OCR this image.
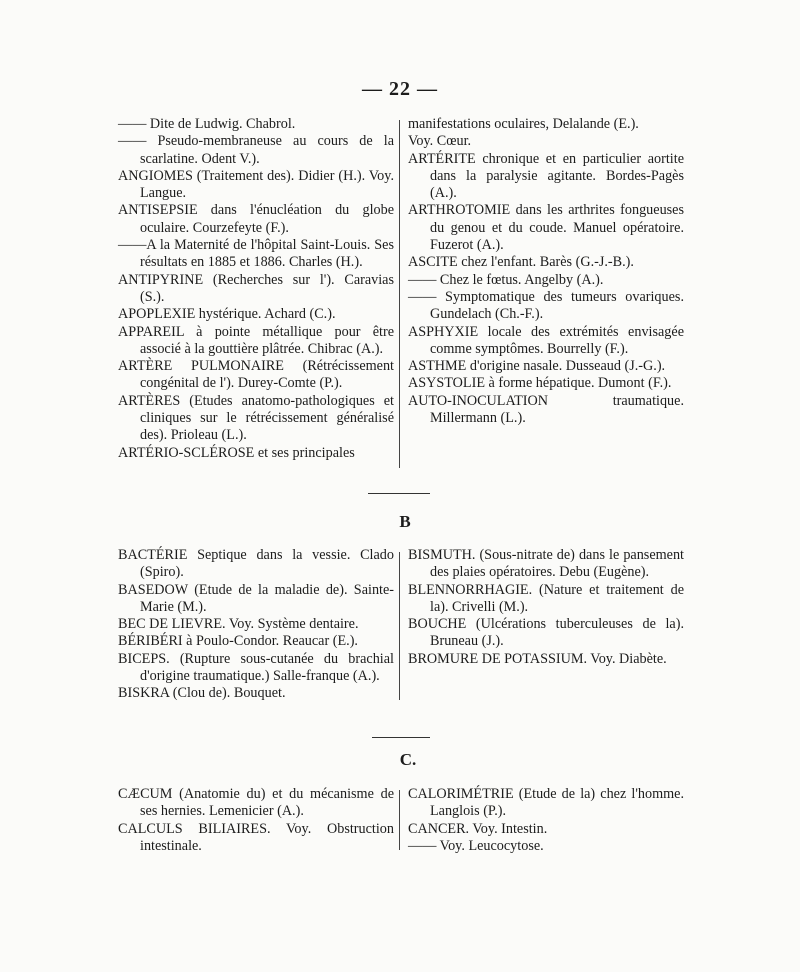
— 22 —
—— Dite de Ludwig. Chabrol.
—— Pseudo-membraneuse au cours de la scarlatine. Odent V.).
ANGIOMES (Traitement des). Didier (H.). Voy. Langue.
ANTISEPSIE dans l'énucléation du globe oculaire. Courzefeyte (F.).
——A la Maternité de l'hôpital Saint-Louis. Ses résultats en 1885 et 1886. Charles (H.).
ANTIPYRINE (Recherches sur l'). Caravias (S.).
APOPLEXIE hystérique. Achard (C.).
APPAREIL à pointe métallique pour être associé à la gouttière plâtrée. Chibrac (A.).
ARTÈRE PULMONAIRE (Rétrécissement congénital de l'). Durey-Comte (P.).
ARTÈRES (Etudes anatomo-pathologiques et cliniques sur le rétrécissement généralisé des). Prioleau (L.).
ARTÉRIO-SCLÉROSE et ses principales
manifestations oculaires, Delalande (E.).
Voy. Cœur.
ARTÉRITE chronique et en particulier aortite dans la paralysie agitante. Bordes-Pagès (A.).
ARTHROTOMIE dans les arthrites fongueuses du genou et du coude. Manuel opératoire. Fuzerot (A.).
ASCITE chez l'enfant. Barès (G.-J.-B.).
—— Chez le fœtus. Angelby (A.).
—— Symptomatique des tumeurs ovariques. Gundelach (Ch.-F.).
ASPHYXIE locale des extrémités envisagée comme symptômes. Bourrelly (F.).
ASTHME d'origine nasale. Dusseaud (J.-G.).
ASYSTOLIE à forme hépatique. Dumont (F.).
AUTO-INOCULATION traumatique. Millermann (L.).
B
BACTÉRIE Septique dans la vessie. Clado (Spiro).
BASEDOW (Etude de la maladie de). Sainte-Marie (M.).
BEC DE LIEVRE. Voy. Système dentaire.
BÉRIBÉRI à Poulo-Condor. Reaucar (E.).
BICEPS. (Rupture sous-cutanée du brachial d'origine traumatique.) Salle-franque (A.).
BISKRA (Clou de). Bouquet.
BISMUTH. (Sous-nitrate de) dans le pansement des plaies opératoires. Debu (Eugène).
BLENNORRHAGIE. (Nature et traitement de la). Crivelli (M.).
BOUCHE (Ulcérations tuberculeuses de la). Bruneau (J.).
BROMURE DE POTASSIUM. Voy. Diabète.
C.
CÆCUM (Anatomie du) et du mécanisme de ses hernies. Lemenicier (A.).
CALCULS BILIAIRES. Voy. Obstruction intestinale.
CALORIMÉTRIE (Etude de la) chez l'homme. Langlois (P.).
CANCER. Voy. Intestin.
—— Voy. Leucocytose.
